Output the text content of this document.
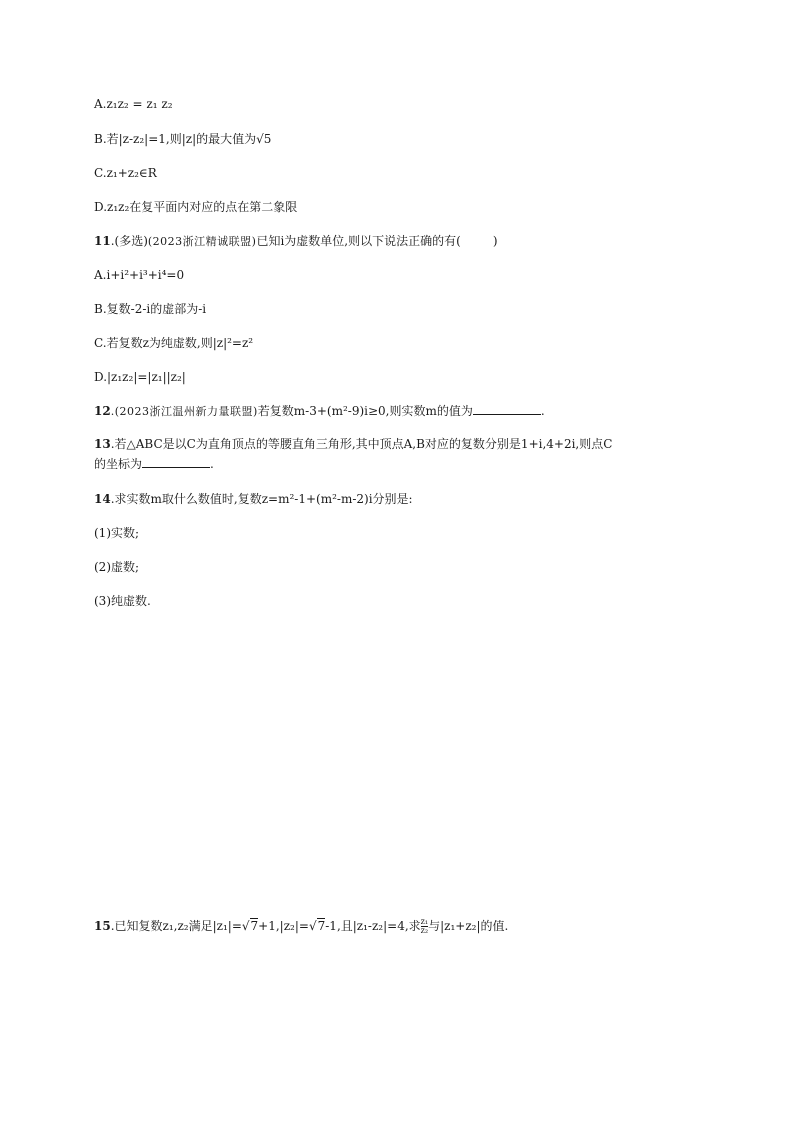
A.z₁z₂ = z₁ z₂
B.若|z-z₂|=1,则|z|的最大值为√5
C.z₁+z₂∈R
D.z₁z₂在复平面内对应的点在第二象限
11.(多选)(2023浙江精诚联盟)已知i为虚数单位,则以下说法正确的有(	)
A.i+i²+i³+i⁴=0
B.复数-2-i的虚部为-i
C.若复数z为纯虚数,则|z|²=z²
D.|z₁z₂|=|z₁||z₂|
12.(2023浙江温州新力量联盟)若复数m-3+(m²-9)i≥0,则实数m的值为	.
13.若△ABC是以C为直角顶点的等腰直角三角形,其中顶点A,B对应的复数分别是1+i,4+2i,则点C
的坐标为	.
14.求实数m取什么数值时,复数z=m²-1+(m²-m-2)i分别是:
(1)实数;
(2)虚数;
(3)纯虚数.
15.已知复数z₁,z₂满足|z₁|=√7+1,|z₂|=√7-1,且|z₁-z₂|=4,求 $\frac{\text{z₁}}{\text{z₂}}$ 与|z₁+z₂|的值.
